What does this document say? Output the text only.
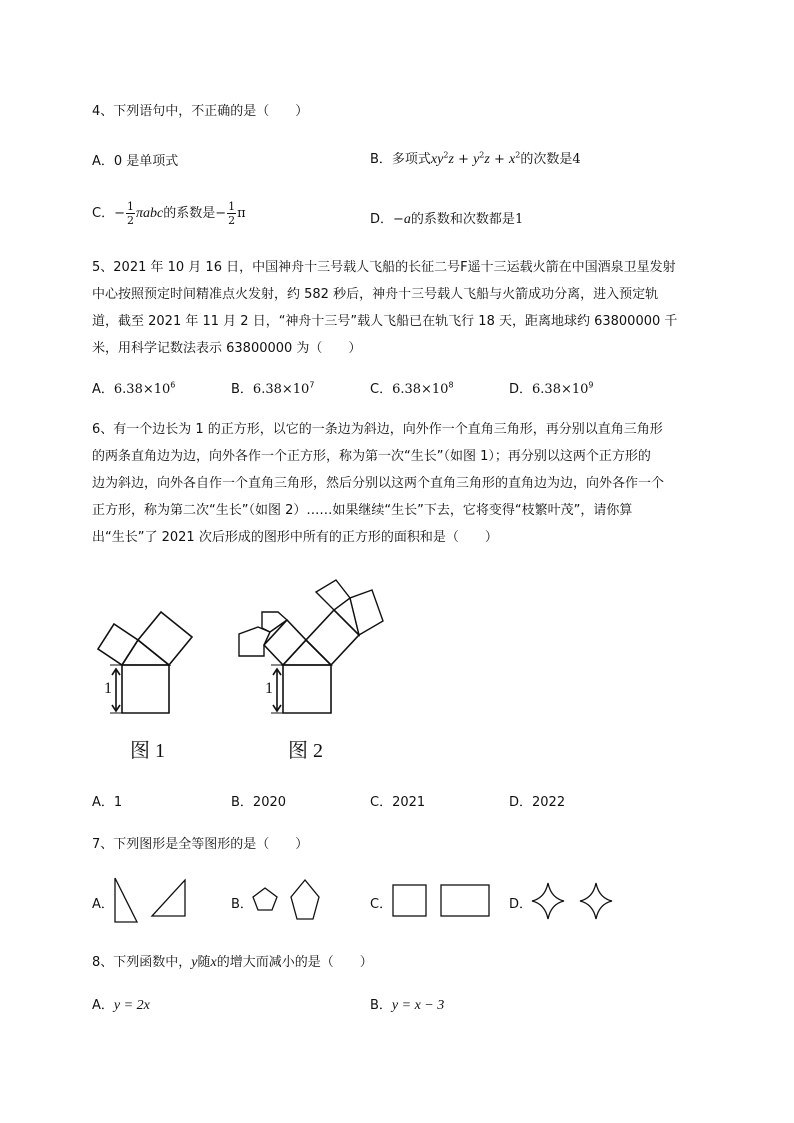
4、下列语句中，不正确的是（　　）
A．0 是单项式	B．多项式$xy^2z + y^2z + x^2$的次数是4
C．− $\frac{1}{2}$ πabc的系数是− $\frac{1}{2}$ π	D．−a的系数和次数都是1
5、2021 年 10 月 16 日，中国神舟十三号载人飞船的长征二号F遥十三运载火箭在中国酒泉卫星发射
中心按照预定时间精准点火发射，约 582 秒后，神舟十三号载人飞船与火箭成功分离，进入预定轨
道，截至 2021 年 11 月 2 日，“神舟十三号”载人飞船已在轨飞行 18 天，距离地球约 63800000 千
米，用科学记数法表示 63800000 为（　　）
A．$6.38\times 10^6$	B．$6.38\times 10^7$	C．$6.38\times 10^8$	D．$6.38\times 10^9$
6、有一个边长为 1 的正方形，以它的一条边为斜边，向外作一个直角三角形，再分别以直角三角形
的两条直角边为边，向外各作一个正方形，称为第一次“生长”（如图 1）；再分别以这两个正方形的
边为斜边，向外各自作一个直角三角形，然后分别以这两个直角三角形的直角边为边，向外各作一个
正方形，称为第二次“生长”（如图 2）……如果继续“生长”下去，它将变得“枝繁叶茂”，请你算
出“生长”了 2021 次后形成的图形中所有的正方形的面积和是（　　）
1	1
图 1	图 2
A．1	B．2020	C．2021	D．2022
7、下列图形是全等图形的是（　　）
A．	B．	C．	D．
8、下列函数中，y随x的增大而减小的是（　　）
A．y = 2x	B．y = x − 3
